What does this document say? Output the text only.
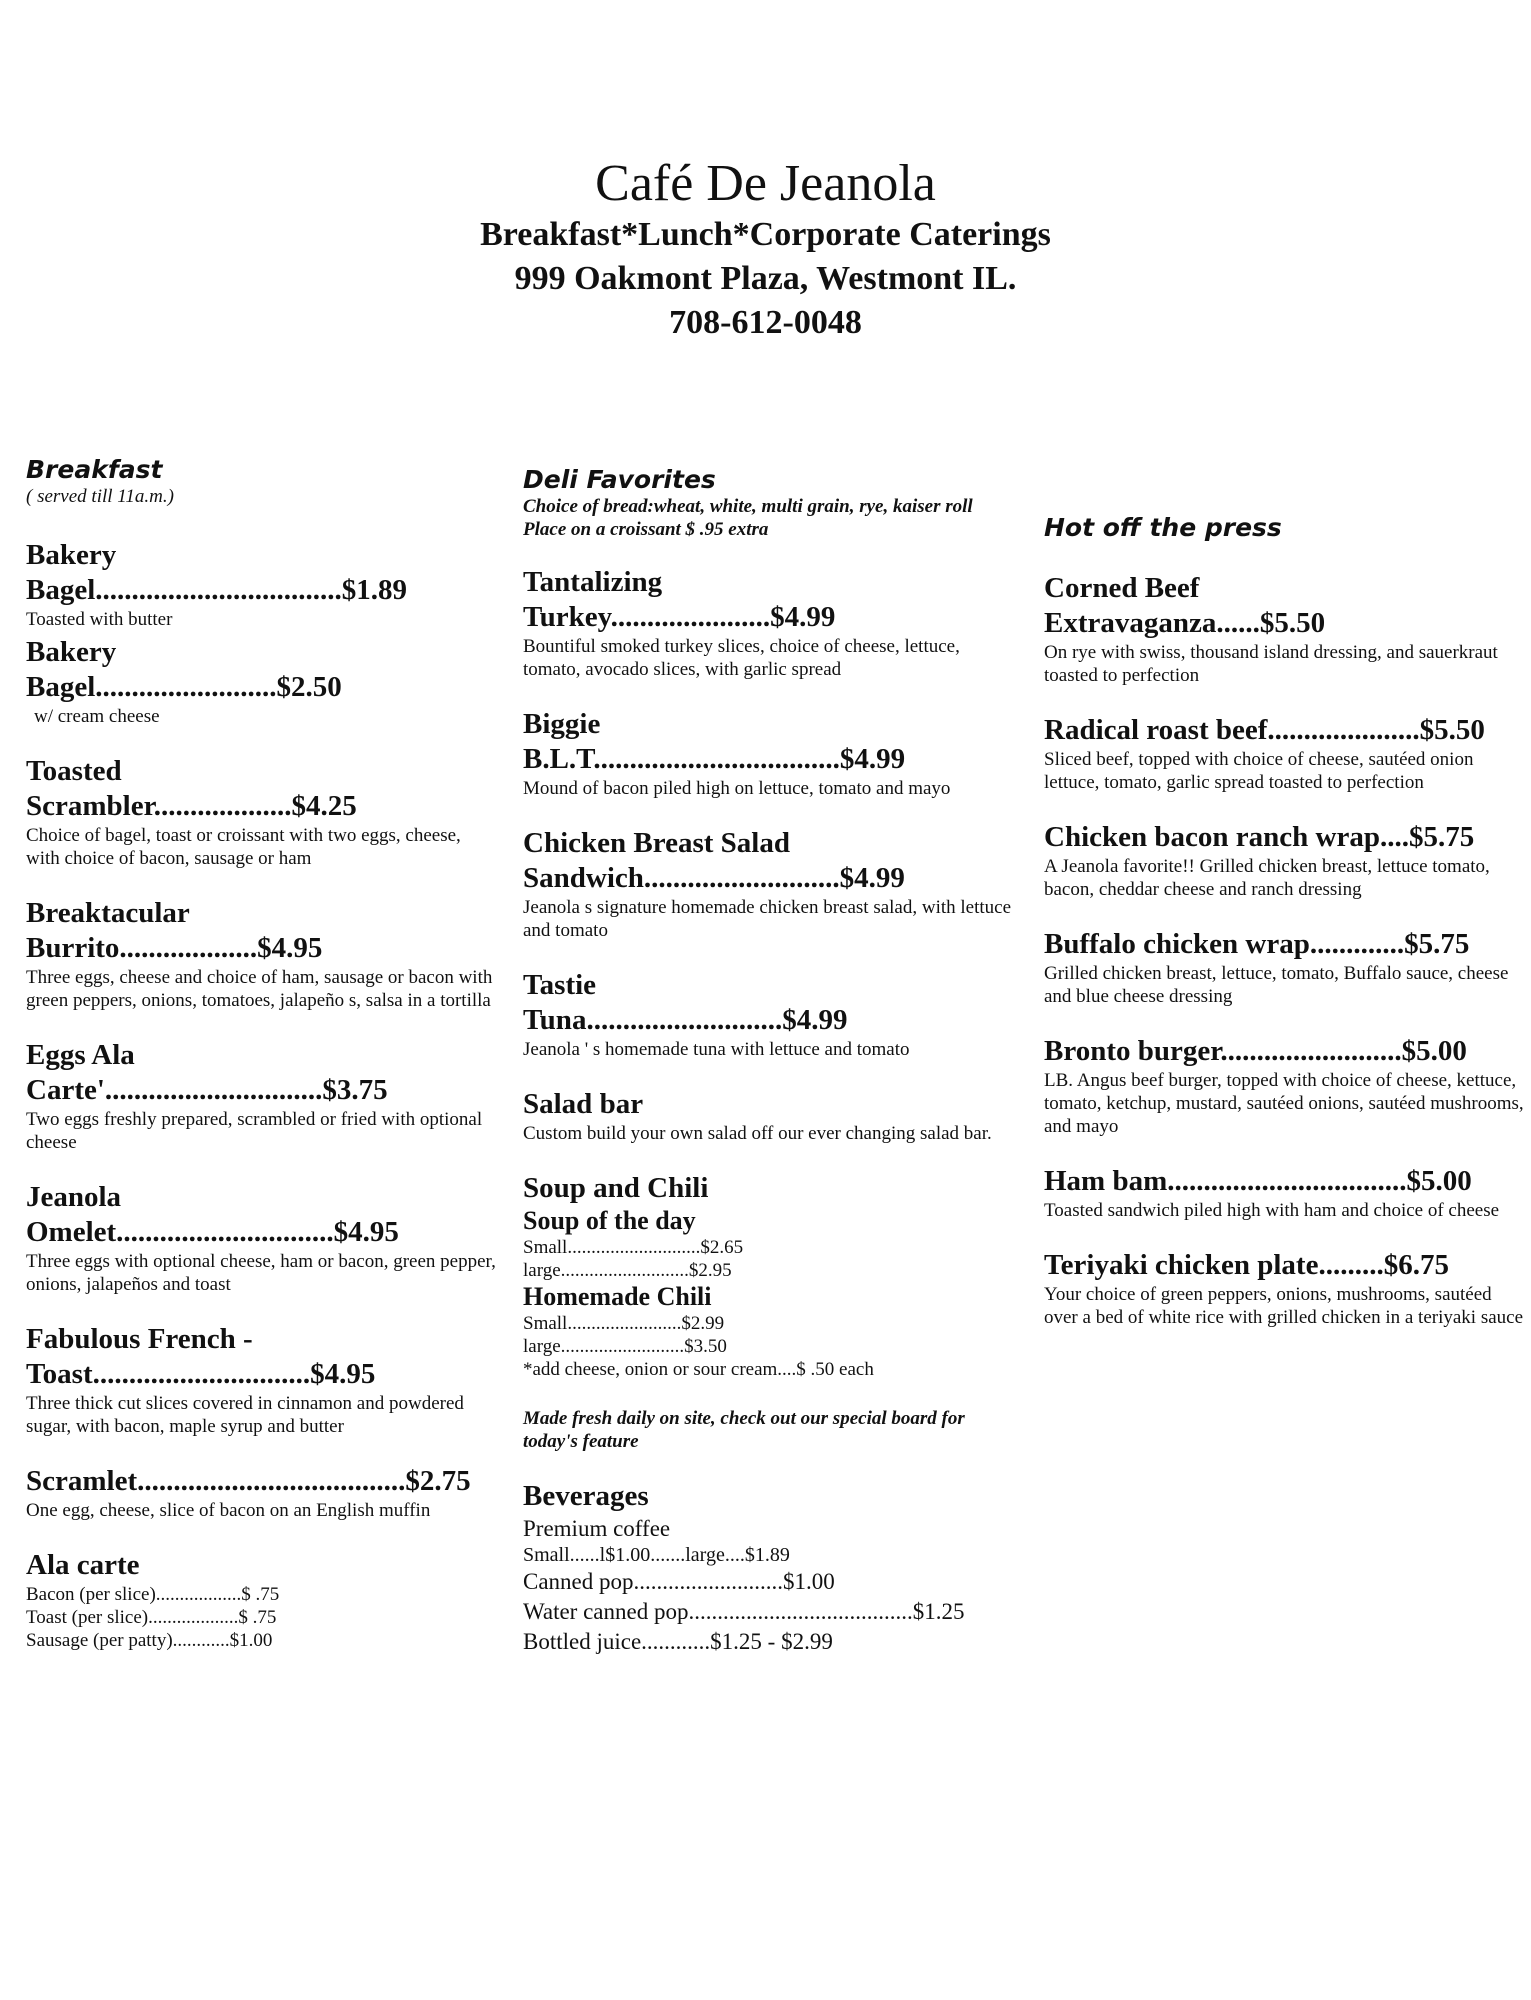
Café De Jeanola
Breakfast*Lunch*Corporate Caterings
999 Oakmont Plaza, Westmont IL.
708-612-0048
Breakfast
( served till 11a.m.)
Bakery
Bagel..................................$1.89
Toasted with butter
Bakery
Bagel.........................$2.50
w/ cream cheese
Toasted
Scrambler...................$4.25
Choice of bagel, toast or croissant with two eggs, cheese, with choice of bacon, sausage or ham
Breaktacular
Burrito...................$4.95
Three eggs, cheese and choice of ham, sausage or bacon with green peppers, onions, tomatoes, jalapeño s, salsa in a tortilla
Eggs Ala
Carte'..............................$3.75
Two eggs freshly prepared, scrambled or fried with optional cheese
Jeanola
Omelet..............................$4.95
Three eggs with optional cheese, ham or bacon, green pepper, onions, jalapeños and toast
Fabulous French -
Toast..............................$4.95
Three thick cut slices covered in cinnamon and powdered sugar, with bacon, maple syrup and butter
Scramlet.....................................$2.75
One egg, cheese, slice of bacon on an English muffin
Ala carte
Bacon (per slice)..................$ .75
Toast (per slice)...................$ .75
Sausage (per patty)............$1.00
Deli Favorites
Choice of bread:wheat, white, multi grain, rye, kaiser roll
Place on a croissant $ .95 extra
Tantalizing
Turkey......................$4.99
Bountiful smoked turkey slices, choice of cheese, lettuce, tomato, avocado slices, with garlic spread
Biggie
B.L.T..................................$4.99
Mound of bacon piled high on lettuce, tomato and mayo
Chicken Breast Salad
Sandwich...........................$4.99
Jeanola s signature homemade chicken breast salad, with lettuce and tomato
Tastie
Tuna...........................$4.99
Jeanola ' s homemade tuna with lettuce and tomato
Salad bar
Custom build your own salad off our ever changing salad bar.
Soup and Chili
Soup of the day
Small............................$2.65
large...........................$2.95
Homemade Chili
Small........................$2.99
large..........................$3.50
*add cheese, onion or sour cream....$ .50 each
Made fresh daily on site, check out our special board for today's feature
Beverages
Premium coffee
Small......l$1.00.......large....$1.89
Canned pop..........................$1.00
Water canned pop.......................................$1.25
Bottled juice............$1.25 - $2.99
Hot off the press
Corned Beef
Extravaganza......$5.50
On rye with swiss, thousand island dressing, and sauerkraut toasted to perfection
Radical roast beef.....................$5.50
Sliced beef, topped with choice of cheese, sautéed onion lettuce, tomato, garlic spread toasted to perfection
Chicken bacon ranch wrap....$5.75
A Jeanola favorite!! Grilled chicken breast, lettuce tomato, bacon, cheddar cheese and ranch dressing
Buffalo chicken wrap.............$5.75
Grilled chicken breast, lettuce, tomato, Buffalo sauce, cheese and blue cheese dressing
Bronto burger.........................$5.00
LB. Angus beef burger, topped with choice of cheese, kettuce, tomato, ketchup, mustard, sautéed onions, sautéed mushrooms, and mayo
Ham bam.................................$5.00
Toasted sandwich piled high with ham and choice of cheese
Teriyaki chicken plate.........$6.75
Your choice of green peppers, onions, mushrooms, sautéed over a bed of white rice with grilled chicken in a teriyaki sauce
